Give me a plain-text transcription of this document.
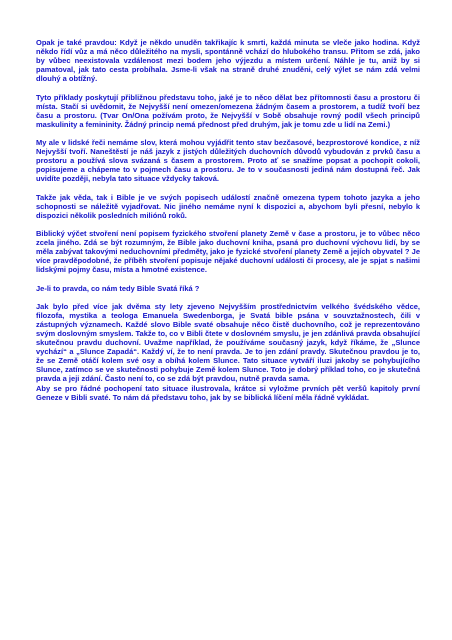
Opak je také pravdou: Když je někdo unuděn takřikajíc k smrti, každá minuta se vleče jako hodina. Když někdo řídí vůz a má něco důležitého na mysli, spontánně vchází do hlubokého transu. Přitom se zdá, jako by vůbec neexistovala vzdálenost mezi bodem jeho výjezdu a místem určení. Náhle je tu, aniž by si pamatoval, jak tato cesta probíhala. Jsme-li však na straně druhé znuděni, celý výlet se nám zdá velmi dlouhý a obtížný.

Tyto příklady poskytují přibližnou představu toho, jaké je to něco dělat bez přítomnosti času a prostoru či místa. Stačí si uvědomit, že Nejvyšší není omezen/omezena žádným časem a prostorem, a tudíž tvoří bez času a prostoru. (Tvar On/Ona požívám proto, že Nejvyšší v Sobě obsahuje rovný podíl všech principů maskulinity a femininity. Žádný princip nemá přednost před druhým, jak je tomu zde u lidí na Zemi.)

My ale v lidské řeči nemáme slov, která mohou vyjádřit tento stav bezčasové, bezprostorové kondice, z níž Nejvyšší tvoří. Naneštěstí je náš jazyk z jistých důležitých duchovních důvodů vybudován z prvků času a prostoru a používá slova svázaná s časem a prostorem. Proto ať se snažíme popsat a pochopit cokoli, popisujeme a chápeme to v pojmech času a prostoru. Je to v současnosti jediná nám dostupná řeč. Jak uvidíte později, nebyla tato situace vždycky taková.

Takže jak věda, tak i Bible je ve svých popisech událostí značně omezena typem tohoto jazyka a jeho schopnosti se náležitě vyjadřovat. Nic jiného nemáme nyní k dispozici a, abychom byli přesní, nebylo k dispozici několik posledních miliónů roků.

Biblický výčet stvoření není popisem fyzického stvoření planety Země v čase a prostoru, je to vůbec něco zcela jiného. Zdá se být rozumným, že Bible jako duchovní kniha, psaná pro duchovní výchovu lidí, by se měla zabývat takovými neduchovními předměty, jako je fyzické stvoření planety Země a jejích obyvatel ? Je více pravděpodobné, že příběh stvoření popisuje nějaké duchovní události či procesy, ale je spjat s našimi lidskými pojmy času, místa a hmotné existence.

Je-li to pravda, co nám tedy Bible Svatá říká ?

Jak bylo před více jak dvěma sty lety zjeveno Nejvyšším prostřednictvím velkého švédského vědce, filozofa, mystika a teologa Emanuela Swedenborga, je Svatá bible psána v souvztažnostech, čili v zástupných významech. Každé slovo Bible svaté obsahuje něco čistě duchovního, což je reprezentováno svým doslovným smyslem. Takže to, co v Bibli čtete v doslovném smyslu, je jen zdánlivá pravda obsahující skutečnou pravdu duchovní. Uvažme například, že používáme současný jazyk, když říkáme, že „Slunce vychází“ a „Slunce Zapadá“. Každý ví, že to není pravda. Je to jen zdání pravdy. Skutečnou pravdou je to, že se Země otáčí kolem své osy a obíhá kolem Slunce. Tato situace vytváří iluzi jakoby se pohybujícího Slunce, zatímco se ve skutečnosti pohybuje Země kolem Slunce. Toto je dobrý příklad toho, co je skutečná pravda a jeji zdání. Často není to, co se zdá být pravdou, nutně pravda sama.

Aby se pro řádné pochopení tato situace ilustrovala, krátce si vyložme prvních pět veršů kapitoly první Geneze v Bibli svaté. To nám dá představu toho, jak by se biblická líčení měla řádně vykládat.
